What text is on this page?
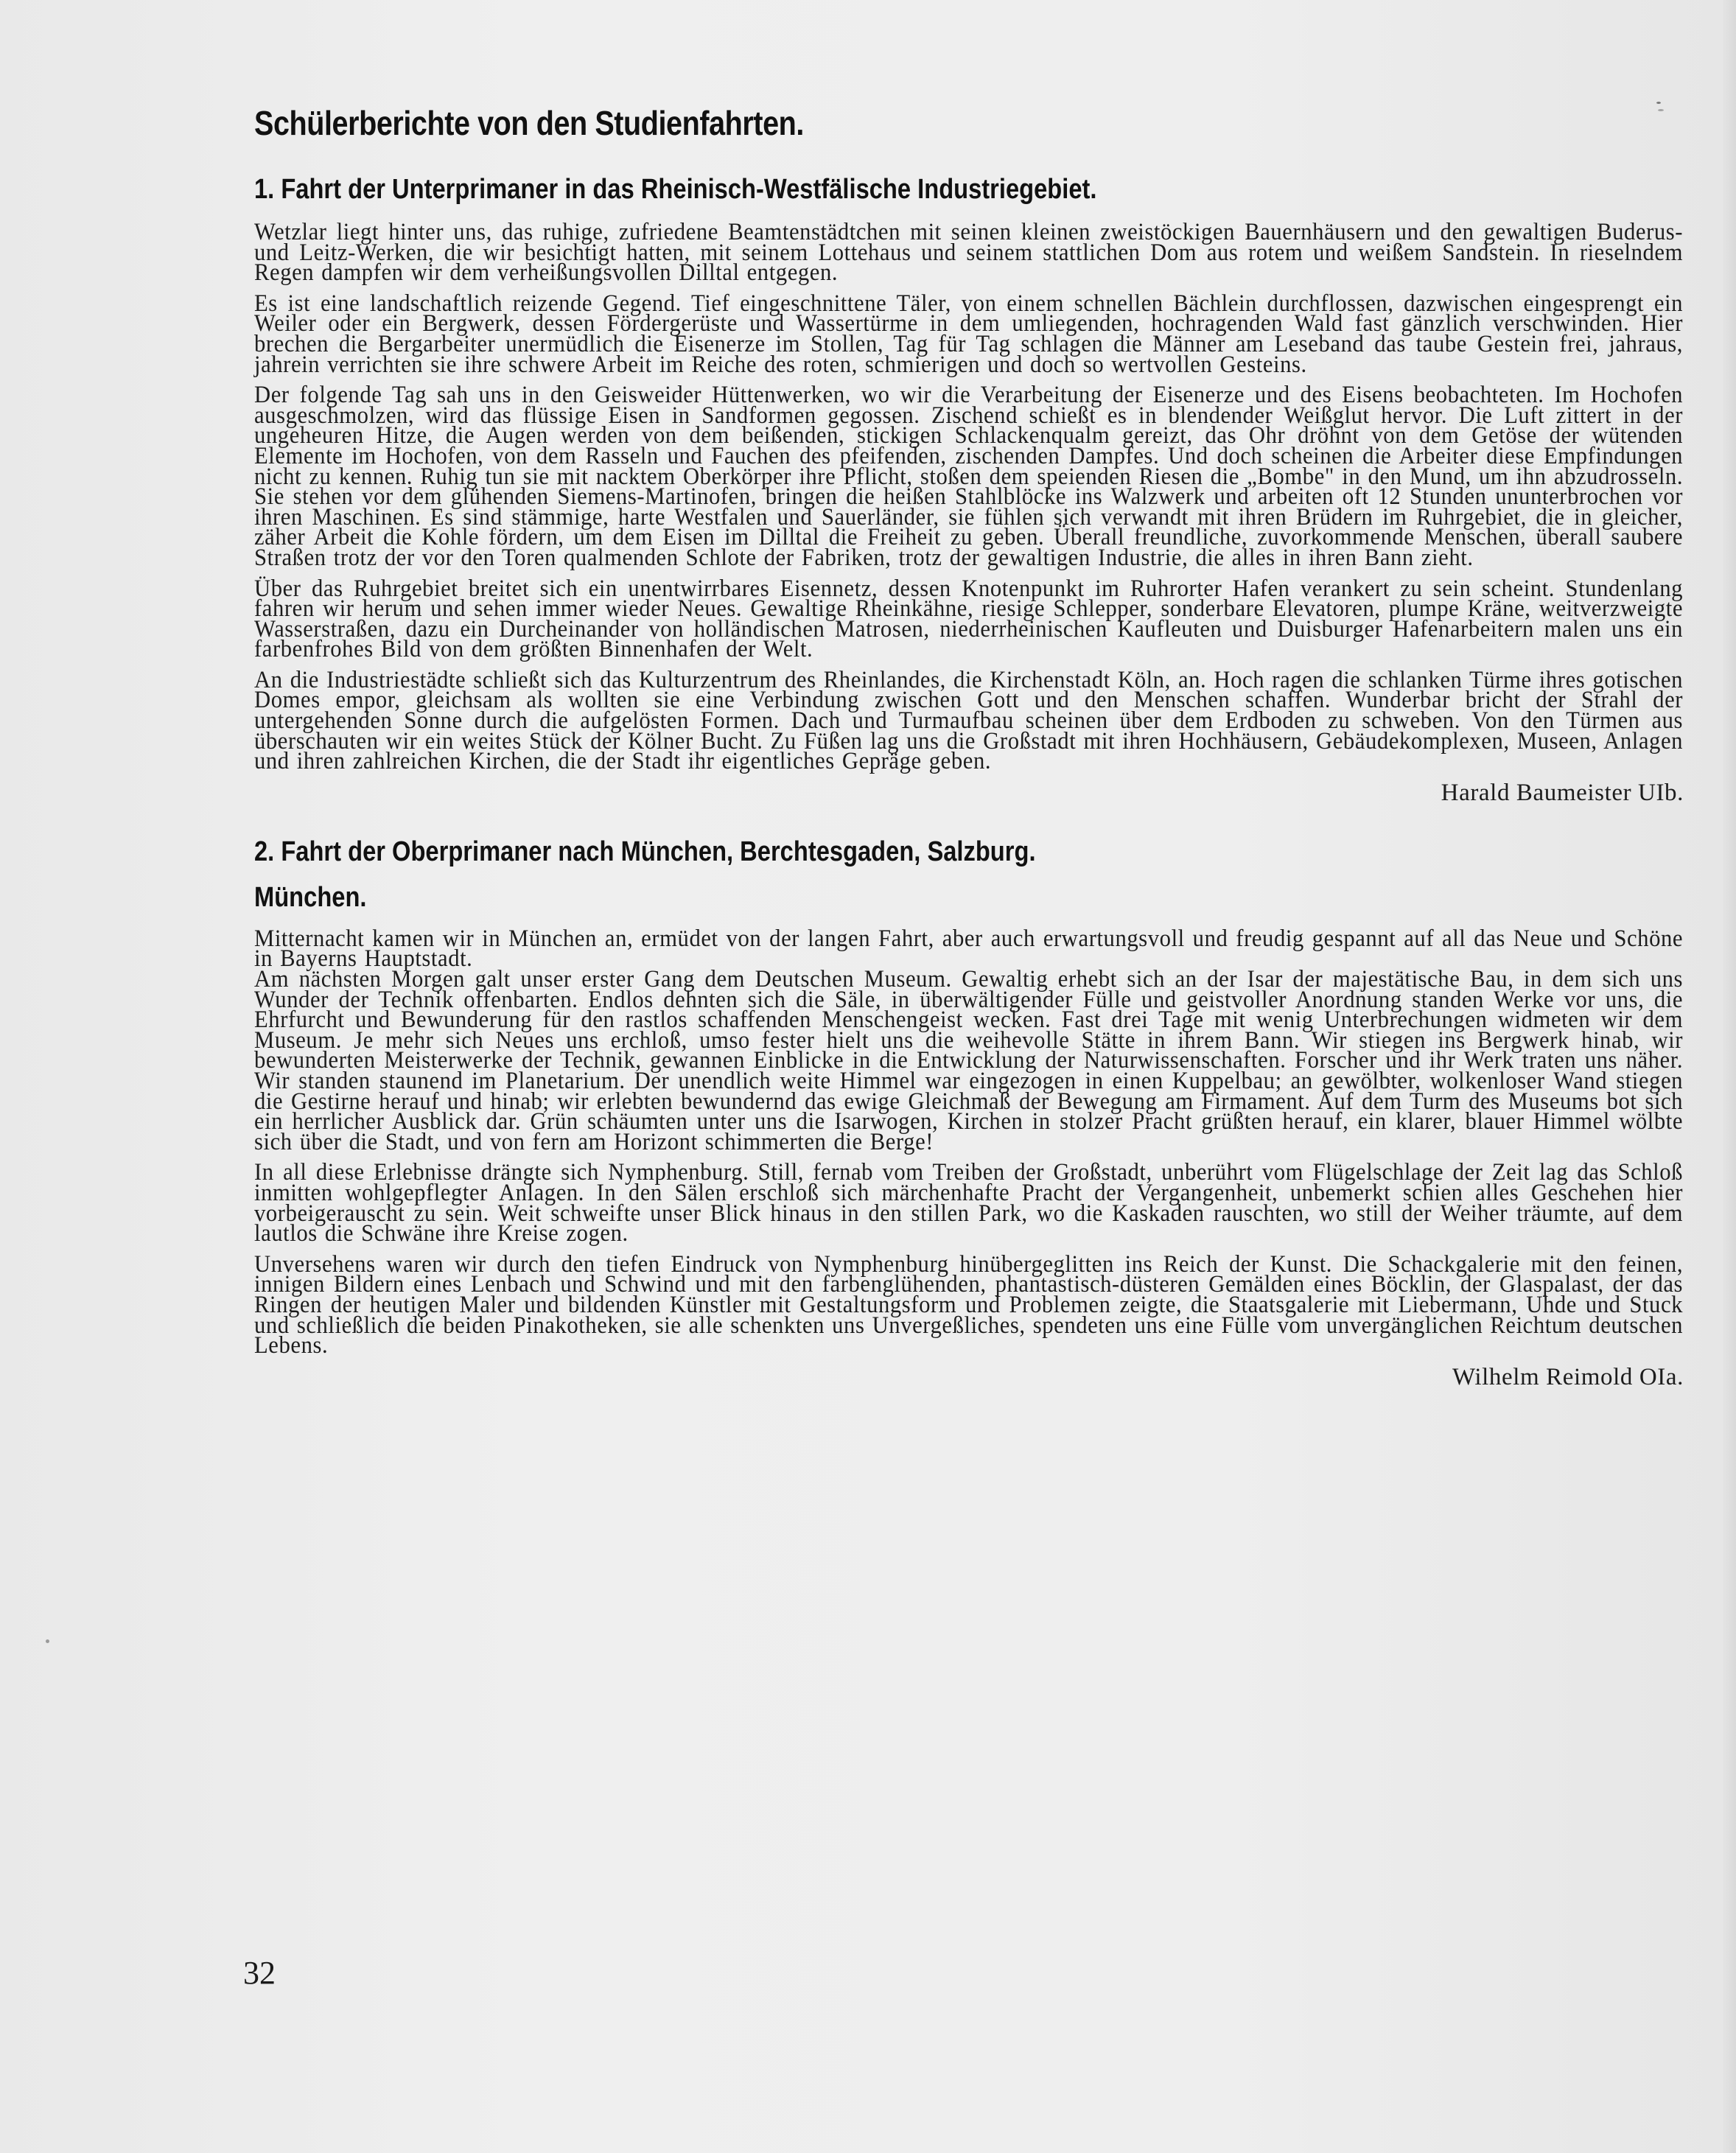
Schülerberichte von den Studienfahrten.
1. Fahrt der Unterprimaner in das Rheinisch-Westfälische Industriegebiet.

Wetzlar liegt hinter uns, das ruhige, zufriedene Beamtenstädtchen mit seinen kleinen zweistöckigen Bauernhäusern und den gewaltigen Buderus- und Leitz-Werken, die wir besichtigt hatten, mit seinem Lottehaus und seinem stattlichen Dom aus rotem und weißem Sandstein. In rieselndem Regen dampfen wir dem verheißungsvollen Dilltal entgegen.

Es ist eine landschaftlich reizende Gegend. Tief eingeschnittene Täler, von einem schnellen Bächlein durchflossen, dazwischen eingesprengt ein Weiler oder ein Bergwerk, dessen Fördergerüste und Wassertürme in dem umliegenden, hochragenden Wald fast gänzlich verschwinden. Hier brechen die Bergarbeiter unermüdlich die Eisenerze im Stollen, Tag für Tag schlagen die Männer am Leseband das taube Gestein frei, jahraus, jahrein verrichten sie ihre schwere Arbeit im Reiche des roten, schmierigen und doch so wertvollen Gesteins.

Der folgende Tag sah uns in den Geisweider Hüttenwerken, wo wir die Verarbeitung der Eisenerze und des Eisens beobachteten. Im Hochofen ausgeschmolzen, wird das flüssige Eisen in Sandformen gegossen. Zischend schießt es in blendender Weißglut hervor. Die Luft zittert in der ungeheuren Hitze, die Augen werden von dem beißenden, stickigen Schlackenqualm gereizt, das Ohr dröhnt von dem Getöse der wütenden Elemente im Hochofen, von dem Rasseln und Fauchen des pfeifenden, zischenden Dampfes. Und doch scheinen die Arbeiter diese Empfindungen nicht zu kennen. Ruhig tun sie mit nacktem Oberkörper ihre Pflicht, stoßen dem speienden Riesen die „Bombe" in den Mund, um ihn abzudrosseln. Sie stehen vor dem glühenden Siemens-Martinofen, bringen die heißen Stahlblöcke ins Walzwerk und arbeiten oft 12 Stunden ununterbrochen vor ihren Maschinen. Es sind stämmige, harte Westfalen und Sauerländer, sie fühlen sich verwandt mit ihren Brüdern im Ruhrgebiet, die in gleicher, zäher Arbeit die Kohle fördern, um dem Eisen im Dilltal die Freiheit zu geben. Überall freundliche, zuvorkommende Menschen, überall saubere Straßen trotz der vor den Toren qualmenden Schlote der Fabriken, trotz der gewaltigen Industrie, die alles in ihren Bann zieht.

Über das Ruhrgebiet breitet sich ein unentwirrbares Eisennetz, dessen Knotenpunkt im Ruhrorter Hafen verankert zu sein scheint. Stundenlang fahren wir herum und sehen immer wieder Neues. Gewaltige Rheinkähne, riesige Schlepper, sonderbare Elevatoren, plumpe Kräne, weitverzweigte Wasserstraßen, dazu ein Durcheinander von holländischen Matrosen, niederrheinischen Kaufleuten und Duisburger Hafenarbeitern malen uns ein farbenfrohes Bild von dem größten Binnenhafen der Welt.

An die Industriestädte schließt sich das Kulturzentrum des Rheinlandes, die Kirchenstadt Köln, an. Hoch ragen die schlanken Türme ihres gotischen Domes empor, gleichsam als wollten sie eine Verbindung zwischen Gott und den Menschen schaffen. Wunderbar bricht der Strahl der untergehenden Sonne durch die aufgelösten Formen. Dach und Turmaufbau scheinen über dem Erdboden zu schweben. Von den Türmen aus überschauten wir ein weites Stück der Kölner Bucht. Zu Füßen lag uns die Großstadt mit ihren Hochhäusern, Gebäudekomplexen, Museen, Anlagen und ihren zahlreichen Kirchen, die der Stadt ihr eigentliches Gepräge geben.

Harald Baumeister UIb.
2. Fahrt der Oberprimaner nach München, Berchtesgaden, Salzburg.
München.

Mitternacht kamen wir in München an, ermüdet von der langen Fahrt, aber auch erwartungsvoll und freudig gespannt auf all das Neue und Schöne in Bayerns Hauptstadt.

Am nächsten Morgen galt unser erster Gang dem Deutschen Museum. Gewaltig erhebt sich an der Isar der majestätische Bau, in dem sich uns Wunder der Technik offenbarten. Endlos dehnten sich die Säle, in überwältigender Fülle und geistvoller Anordnung standen Werke vor uns, die Ehrfurcht und Bewunderung für den rastlos schaffenden Menschengeist wecken. Fast drei Tage mit wenig Unterbrechungen widmeten wir dem Museum. Je mehr sich Neues uns erchloß, umso fester hielt uns die weihevolle Stätte in ihrem Bann. Wir stiegen ins Bergwerk hinab, wir bewunderten Meisterwerke der Technik, gewannen Einblicke in die Entwicklung der Naturwissenschaften. Forscher und ihr Werk traten uns näher. Wir standen staunend im Planetarium. Der unendlich weite Himmel war eingezogen in einen Kuppelbau; an gewölbter, wolkenloser Wand stiegen die Gestirne herauf und hinab; wir erlebten bewundernd das ewige Gleichmaß der Bewegung am Firmament. Auf dem Turm des Museums bot sich ein herrlicher Ausblick dar. Grün schäumten unter uns die Isarwogen, Kirchen in stolzer Pracht grüßten herauf, ein klarer, blauer Himmel wölbte sich über die Stadt, und von fern am Horizont schimmerten die Berge!

In all diese Erlebnisse drängte sich Nymphenburg. Still, fernab vom Treiben der Großstadt, unberührt vom Flügelschlage der Zeit lag das Schloß inmitten wohlgepflegter Anlagen. In den Sälen erschloß sich märchenhafte Pracht der Vergangenheit, unbemerkt schien alles Geschehen hier vorbeigerauscht zu sein. Weit schweifte unser Blick hinaus in den stillen Park, wo die Kaskaden rauschten, wo still der Weiher träumte, auf dem lautlos die Schwäne ihre Kreise zogen.

Unversehens waren wir durch den tiefen Eindruck von Nymphenburg hinübergeglitten ins Reich der Kunst. Die Schackgalerie mit den feinen, innigen Bildern eines Lenbach und Schwind und mit den farbenglühenden, phantastisch-düsteren Gemälden eines Böcklin, der Glaspalast, der das Ringen der heutigen Maler und bildenden Künstler mit Gestaltungsform und Problemen zeigte, die Staatsgalerie mit Liebermann, Uhde und Stuck und schließlich die beiden Pinakotheken, sie alle schenkten uns Unvergeßliches, spendeten uns eine Fülle vom unvergänglichen Reichtum deutschen Lebens.

Wilhelm Reimold OIa.
32
